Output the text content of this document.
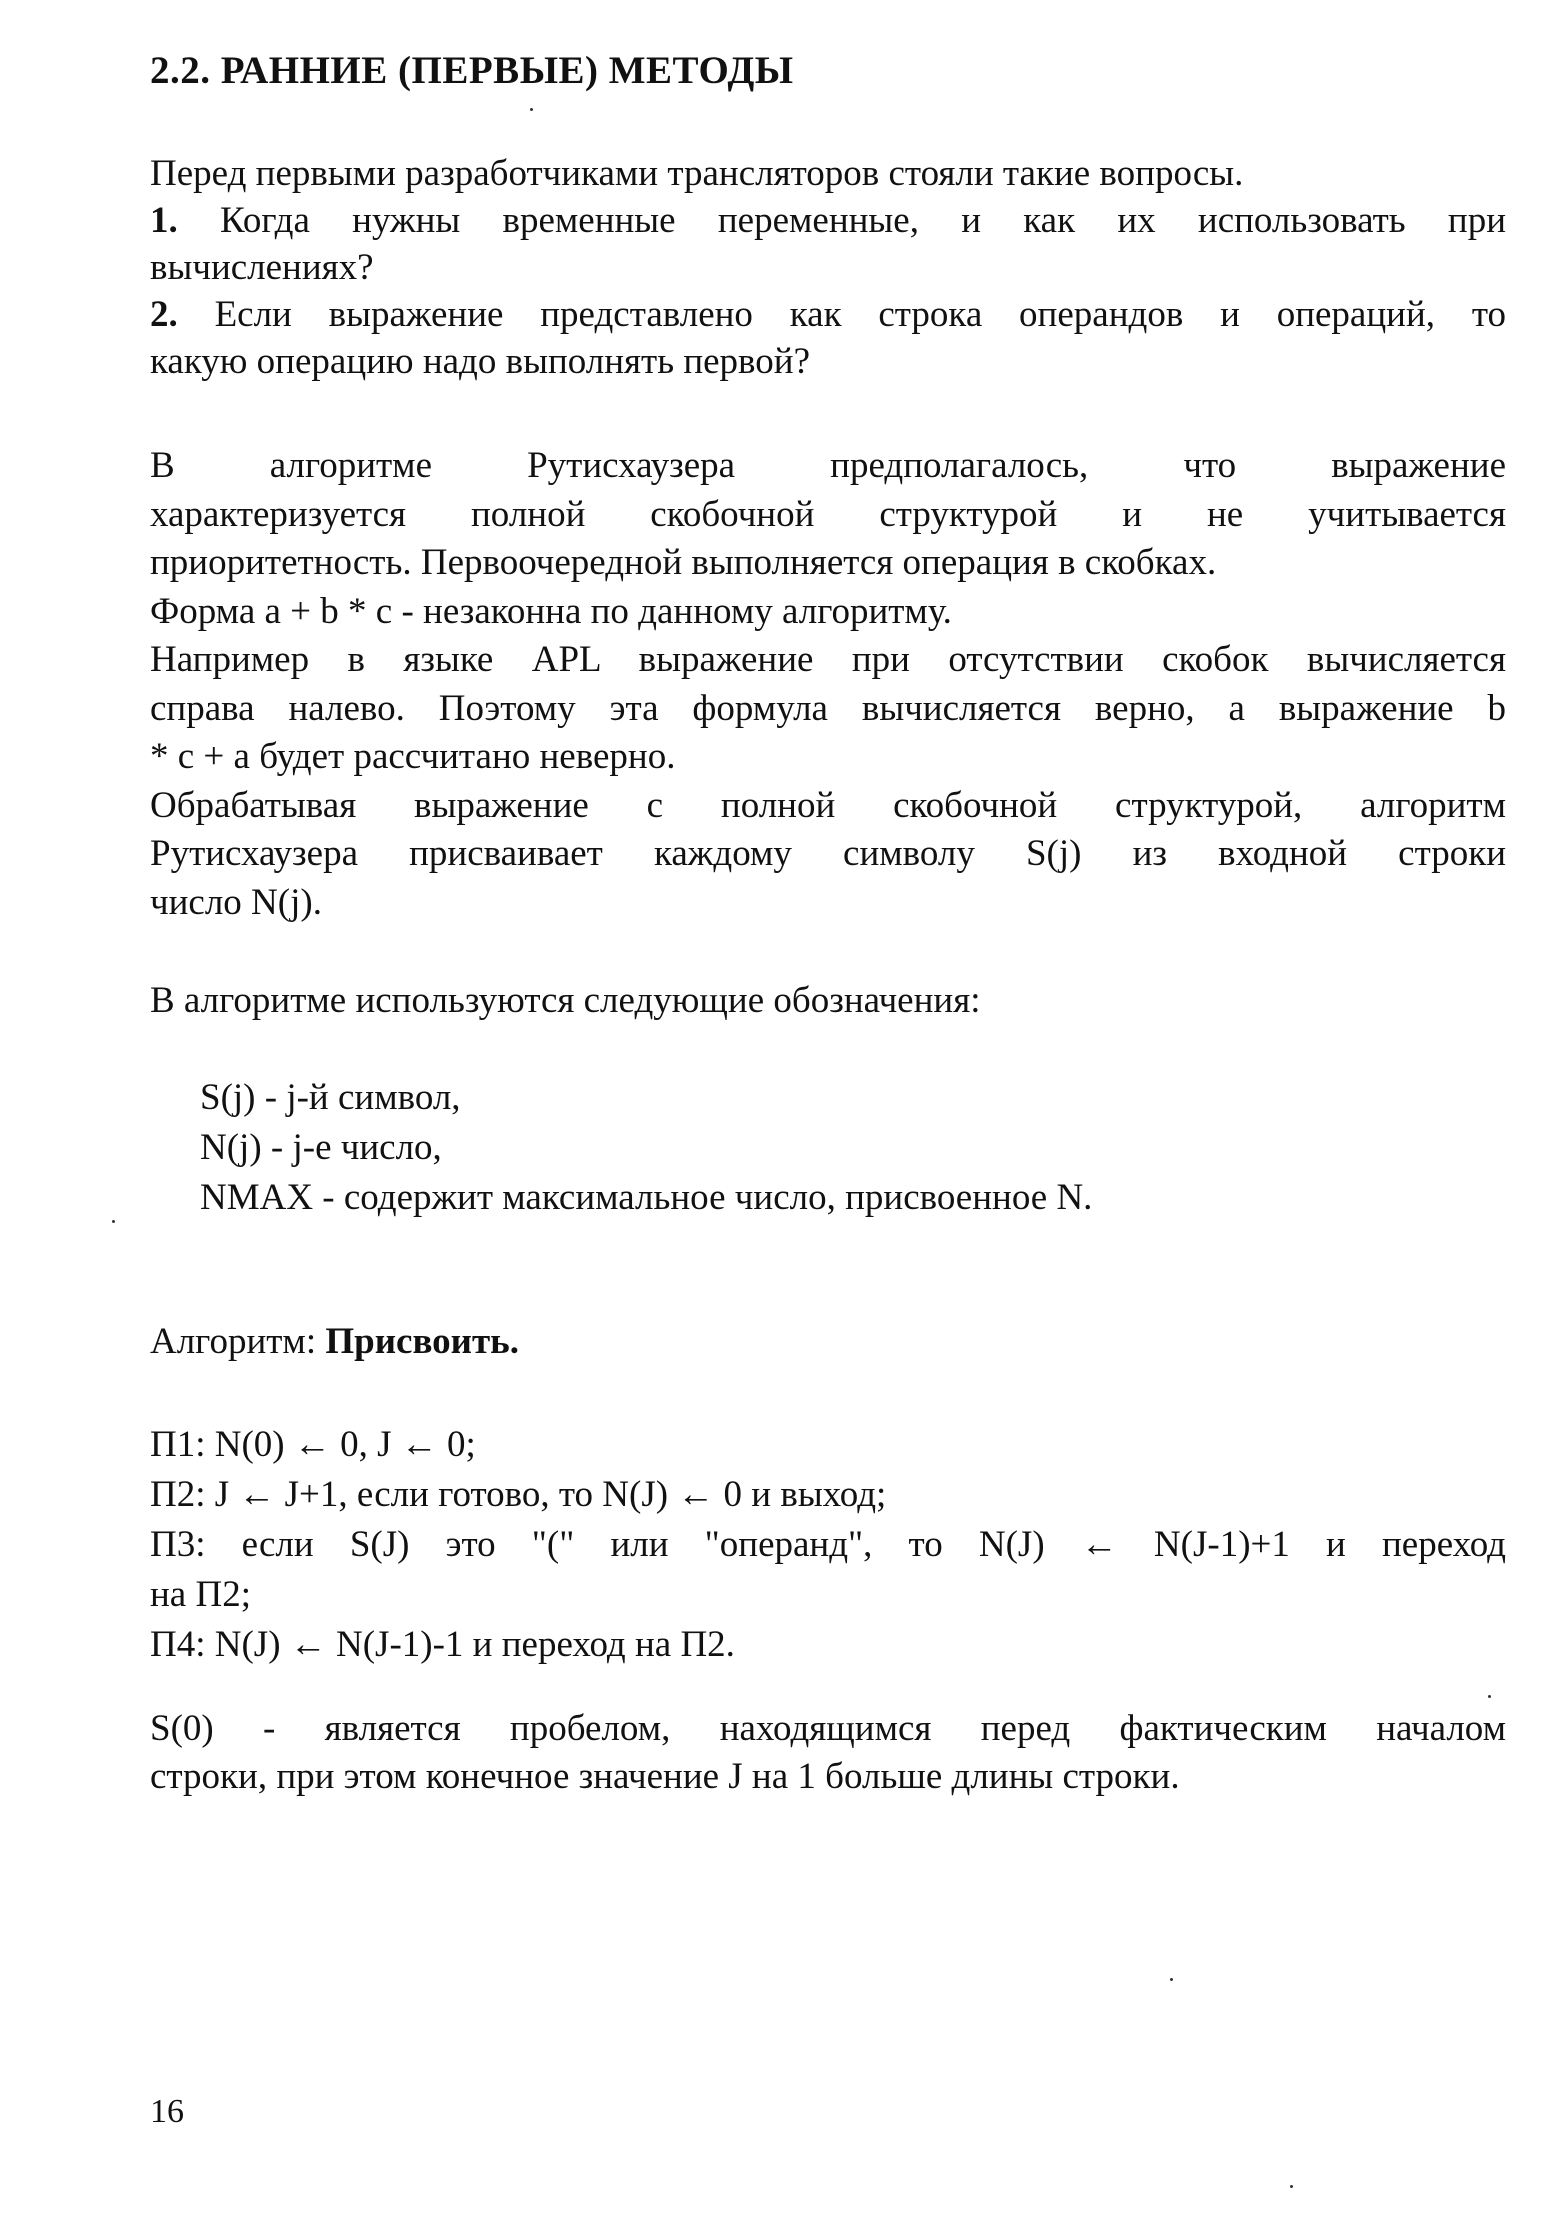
2.2. РАННИЕ (ПЕРВЫЕ) МЕТОДЫ
Перед первыми разработчиками трансляторов стояли такие вопросы.
1. Когда нужны временные переменные, и как их использовать при
вычислениях?
2. Если выражение представлено как строка операндов и операций, то
какую операцию надо выполнять первой?
В алгоритме Рутисхаузера предполагалось, что выражение
характеризуется полной скобочной структурой и не учитывается
приоритетность. Первоочередной выполняется операция в скобках.
Форма a + b * c - незаконна по данному алгоритму.
Например в языке APL выражение при отсутствии скобок вычисляется
справа налево. Поэтому эта формула вычисляется верно, а выражение b
* c + a будет рассчитано неверно.
Обрабатывая выражение с полной скобочной структурой, алгоритм
Рутисхаузера присваивает каждому символу S(j) из входной строки
число N(j).
В алгоритме используются следующие обозначения:
S(j) - j-й символ,
N(j) - j-е число,
NMAX - содержит максимальное число, присвоенное N.
Алгоритм: Присвоить.
П1: N(0) ← 0, J ← 0;
П2: J ← J+1, если готово, то N(J) ← 0 и выход;
П3: если S(J) это "(" или "операнд", то N(J) ← N(J-1)+1 и переход
на П2;
П4: N(J) ← N(J-1)-1 и переход на П2.
S(0) - является пробелом, находящимся перед фактическим началом
строки, при этом конечное значение J на 1 больше длины строки.
16
